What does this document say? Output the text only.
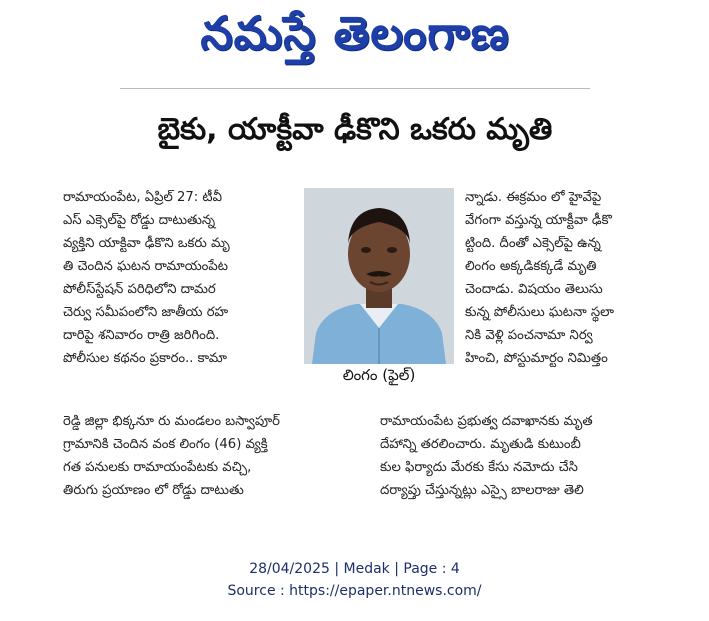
నమస్తే తెలంగాణ
బైకు, యాక్టీవా ఢీకొని ఒకరు మృతి
రామాయంపేట, ఏప్రిల్ 27: టీవీ
ఎస్ ఎక్సెల్‌పై రోడ్డు దాటుతున్న
వ్యక్తిని యాక్టివా ఢీకొని ఒకరు మృ
తి చెందిన ఘటన రామాయంపేట
పోలీస్‌స్టేషన్ పరిధిలోని దామర
చెర్వు సమీపంలోని జాతీయ రహ
దారిపై శనివారం రాత్రి జరిగింది.
పోలీసుల కథనం ప్రకారం.. కామా
రెడ్డి జిల్లా భిక్కనూ రు మండలం బస్వాపూర్
గ్రామానికి చెందిన వంక లింగం (46) వ్యక్తి
గత పనులకు రామాయంపేటకు వచ్చి,
తిరుగు ప్రయాణం లో రోడ్డు దాటుతు
లింగం (ఫైల్)
న్నాడు. ఈక్రమం లో హైవేపై
వేగంగా వస్తున్న యాక్టీవా ఢీకొ
ట్టింది. దీంతో ఎక్సెల్‌పై ఉన్న
లింగం అక్కడికక్కడే మృతి
చెందాడు. విషయం తెలుసు
కున్న పోలీసులు ఘటనా స్థలా
నికి వెళ్లి పంచనామా నిర్వ
హించి, పోస్టుమార్టం నిమిత్తం
రామాయంపేట ప్రభుత్వ దవాఖానకు మృత
దేహాన్ని తరలించారు. మృతుడి కుటుంబీ
కుల ఫిర్యాదు మేరకు కేసు నమోదు చేసి
దర్యాప్తు చేస్తున్నట్లు ఎస్సై బాలరాజు తెలి
28/04/2025 | Medak | Page : 4
Source : https://epaper.ntnews.com/
